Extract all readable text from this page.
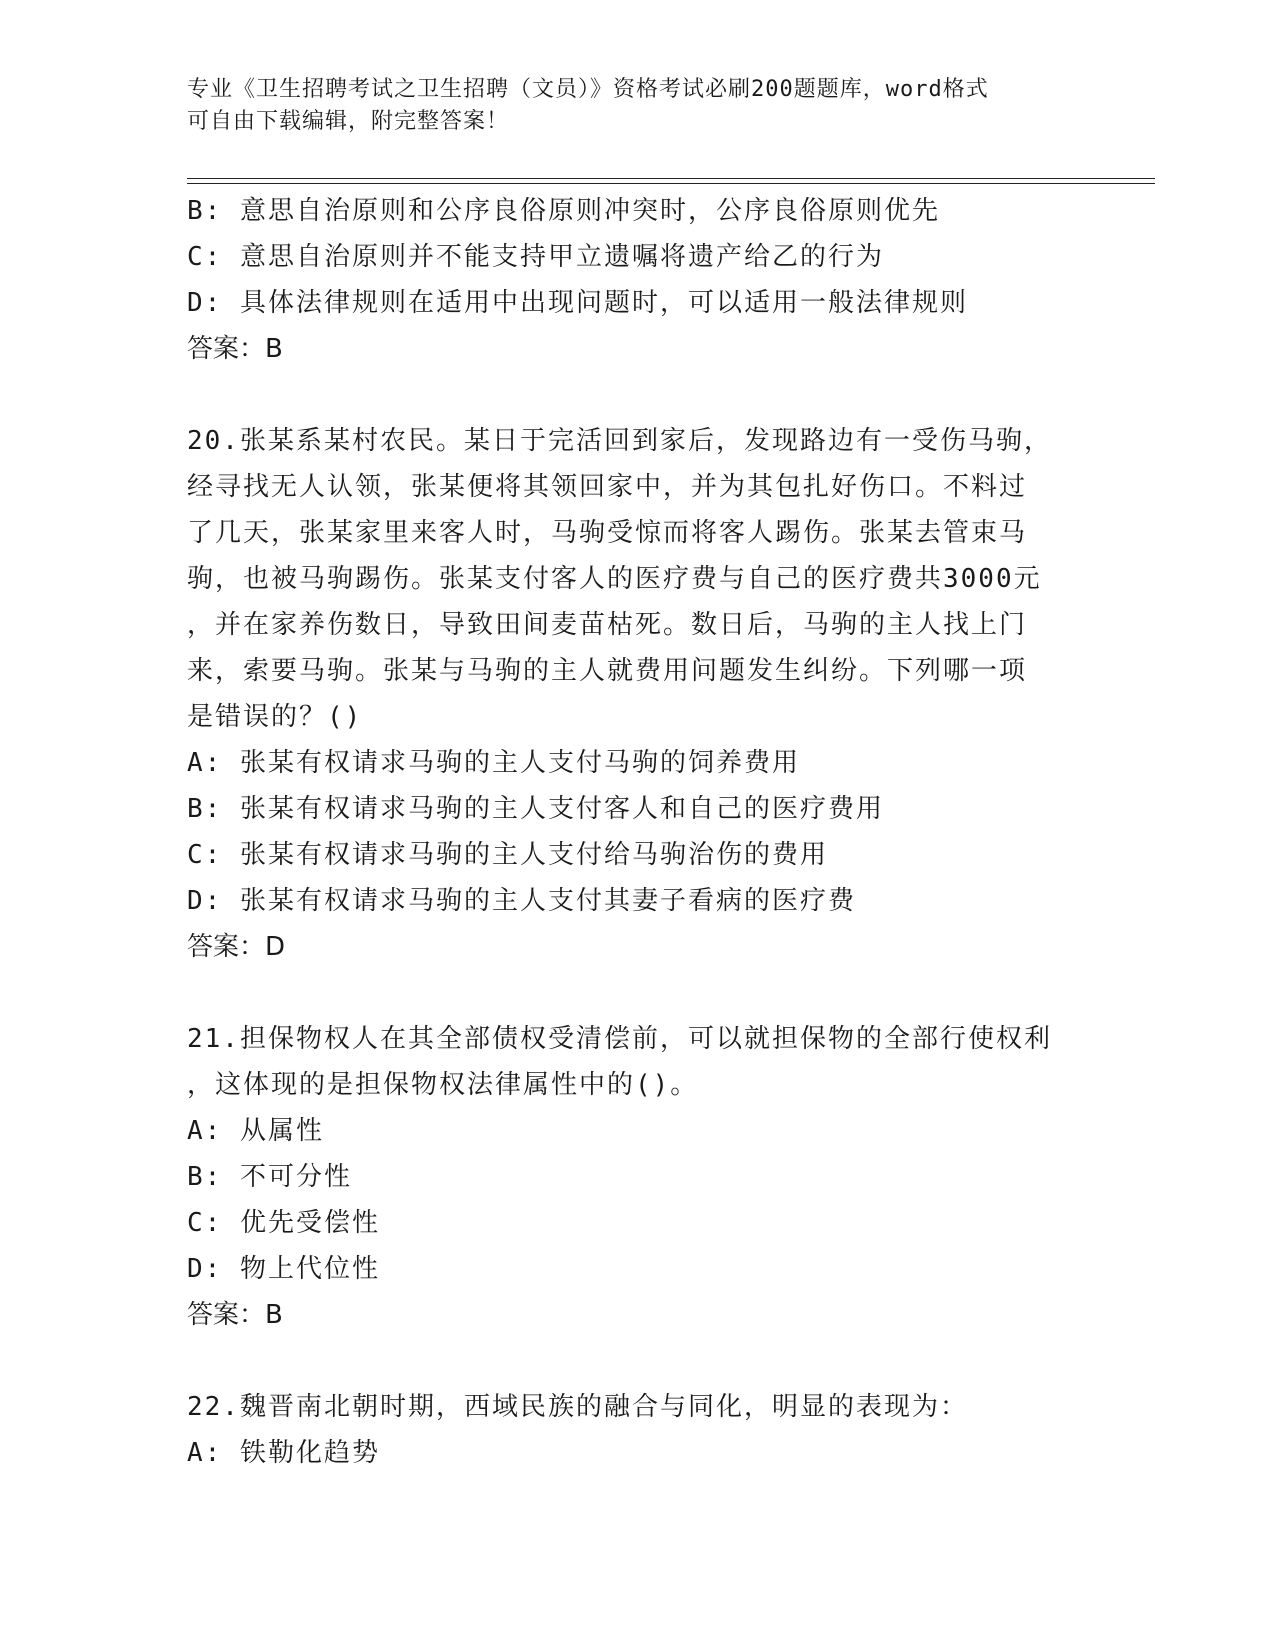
专业《卫生招聘考试之卫生招聘（文员）》资格考试必刷200题题库，word格式
可自由下载编辑，附完整答案！
B: 意思自治原则和公序良俗原则冲突时，公序良俗原则优先
C: 意思自治原则并不能支持甲立遗嘱将遗产给乙的行为
D: 具体法律规则在适用中出现问题时，可以适用一般法律规则
答案：B
20.张某系某村农民。某日于完活回到家后，发现路边有一受伤马驹，
经寻找无人认领，张某便将其领回家中，并为其包扎好伤口。不料过
了几天，张某家里来客人时，马驹受惊而将客人踢伤。张某去管束马
驹，也被马驹踢伤。张某支付客人的医疗费与自己的医疗费共3000元
，并在家养伤数日，导致田间麦苗枯死。数日后，马驹的主人找上门
来，索要马驹。张某与马驹的主人就费用问题发生纠纷。下列哪一项
是错误的？()
A: 张某有权请求马驹的主人支付马驹的饲养费用
B: 张某有权请求马驹的主人支付客人和自己的医疗费用
C: 张某有权请求马驹的主人支付给马驹治伤的费用
D: 张某有权请求马驹的主人支付其妻子看病的医疗费
答案：D
21.担保物权人在其全部债权受清偿前，可以就担保物的全部行使权利
，这体现的是担保物权法律属性中的()。
A: 从属性
B: 不可分性
C: 优先受偿性
D: 物上代位性
答案：B
22.魏晋南北朝时期，西域民族的融合与同化，明显的表现为：
A: 铁勒化趋势
